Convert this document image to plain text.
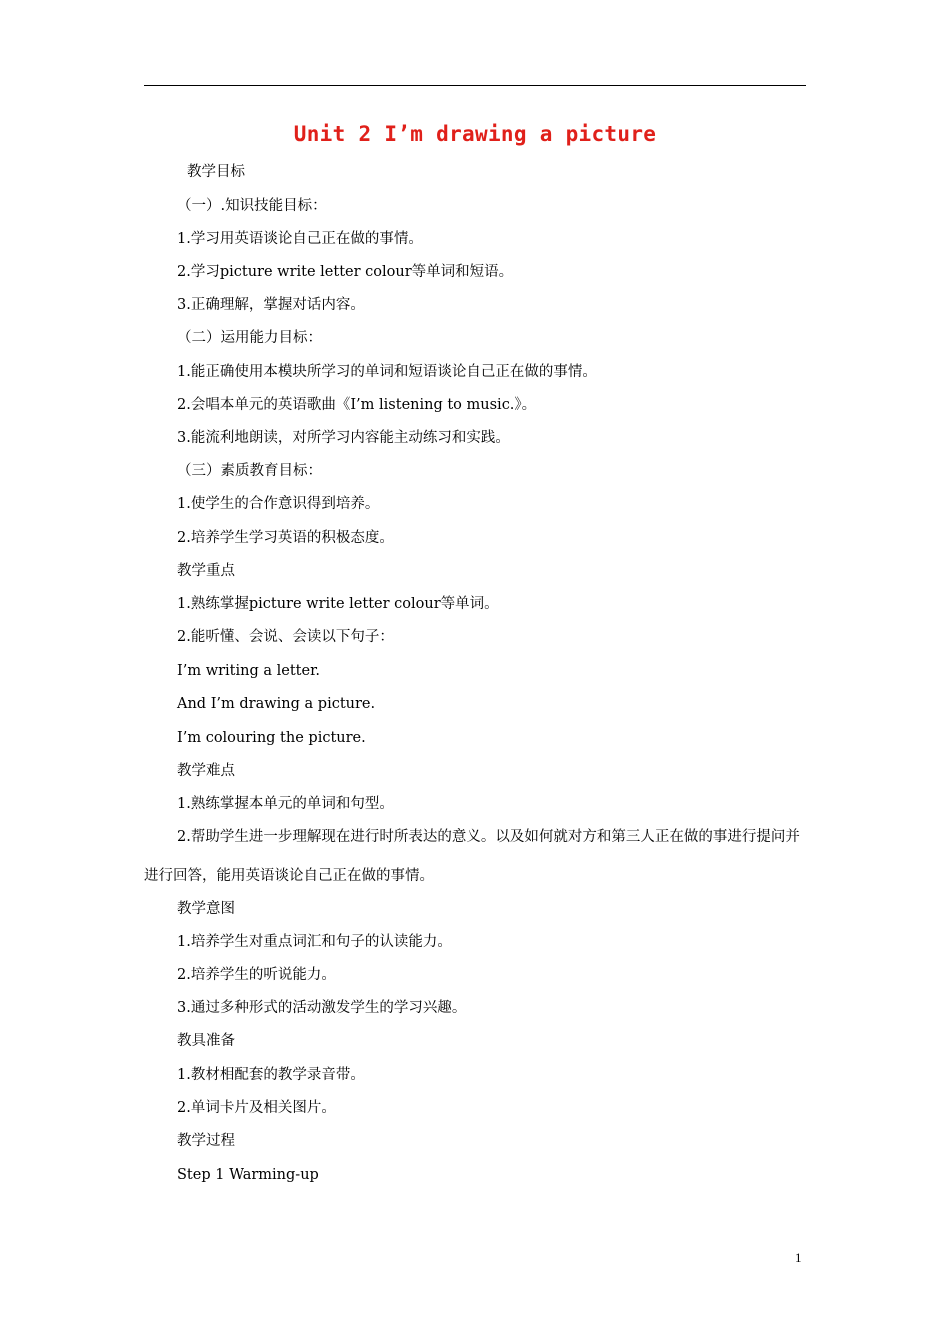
Unit 2 I’m drawing a picture
教学目标
（一）.知识技能目标：
1.学习用英语谈论自己正在做的事情。
2.学习picture write letter colour等单词和短语。
3.正确理解，掌握对话内容。
（二）运用能力目标：
1.能正确使用本模块所学习的单词和短语谈论自己正在做的事情。
2.会唱本单元的英语歌曲《I’m listening to music.》。
3.能流利地朗读，对所学习内容能主动练习和实践。
（三）素质教育目标：
1.使学生的合作意识得到培养。
2.培养学生学习英语的积极态度。
教学重点
1.熟练掌握picture write letter colour等单词。
2.能听懂、会说、会读以下句子：
I’m writing a letter.
And I’m drawing a picture.
I’m colouring the picture.
教学难点
1.熟练掌握本单元的单词和句型。
2.帮助学生进一步理解现在进行时所表达的意义。以及如何就对方和第三人正在做的事进行提问并进行回答，能用英语谈论自己正在做的事情。
教学意图
1.培养学生对重点词汇和句子的认读能力。
2.培养学生的听说能力。
3.通过多种形式的活动激发学生的学习兴趣。
教具准备
1.教材相配套的教学录音带。
2.单词卡片及相关图片。
教学过程
Step 1 Warming-up
1
